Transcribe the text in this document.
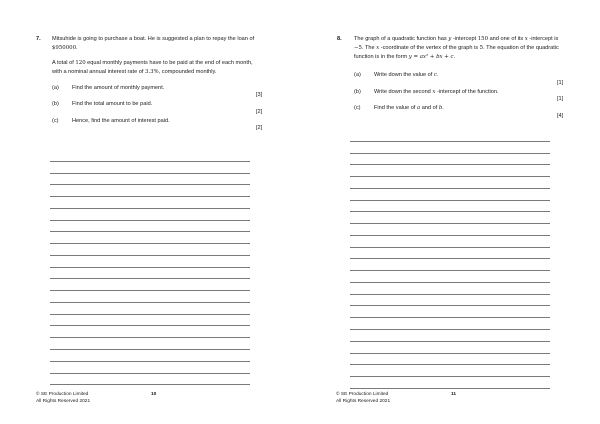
7. Mitsuhide is going to purchase a boat. He is suggested a plan to repay the loan of $950000.
A total of 120 equal monthly payments have to be paid at the end of each month, with a nominal annual interest rate of 3.3%, compounded monthly.
(a) Find the amount of monthly payment.
[3]
(b) Find the total amount to be paid.
[2]
(c) Hence, find the amount of interest paid.
[2]
© SE Production Limited
All Rights Reserved 2021
10
8. The graph of a quadratic function has y -intercept 150 and one of its x -intercept is −5. The x -coordinate of the vertex of the graph is 5. The equation of the quadratic function is in the form y = ax² + bx + c.
(a) Write down the value of c.
[1]
(b) Write down the second x -intercept of the function.
[1]
(c) Find the value of a and of b.
[4]
© SE Production Limited
All Rights Reserved 2021
11
